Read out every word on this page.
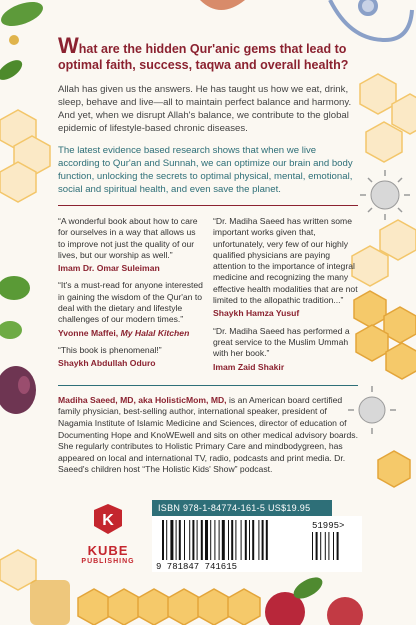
What are the hidden Qur'anic gems that lead to optimal faith, success, taqwa and overall health?

Allah has given us the answers. He has taught us how we eat, drink, sleep, behave and live—all to maintain perfect balance and harmony. And yet, when we disrupt Allah's balance, we contribute to the global epidemic of lifestyle-based chronic diseases.

The latest evidence based research shows that when we live according to Qur'an and Sunnah, we can optimize our brain and body function, unlocking the secrets to optimal physical, mental, emotional, social and spiritual health, and even save the planet.

“A wonderful book about how to care for ourselves in a way that allows us to improve not just the quality of our lives, but our worship as well.”
Imam Dr. Omar Suleiman
“It's a must-read for anyone interested in gaining the wisdom of the Qur'an to deal with the dietary and lifestyle challenges of our modern times.”
Yvonne Maffei, My Halal Kitchen
“This book is phenomenal!”
Shaykh Abdullah Oduro
“Dr. Madiha Saeed has written some important works given that, unfortunately, very few of our highly qualified physicians are paying attention to the importance of integral medicine and recognizing the many effective health modalities that are not limited to the allopathic tradition...”
Shaykh Hamza Yusuf
“Dr. Madiha Saeed has performed a great service to the Muslim Ummah with her book.”
Imam Zaid Shakir

Madiha Saeed, MD, aka HolisticMom, MD, is an American board certified family physician, best-selling author, international speaker, president of Nagamia Institute of Islamic Medicine and Sciences, director of education of Documenting Hope and KnoWEwell and sits on other medical advisory boards. She regularly contributes to Holistic Primary Care and mindbodygreen, has appeared on local and international TV, radio, podcasts and print media. Dr. Saeed's children host “The Holistic Kids' Show” podcast.

K
KUBE
PUBLISHING
ISBN 978-1-84774-161-5 US$19.95
9 781847 741615
51995>
